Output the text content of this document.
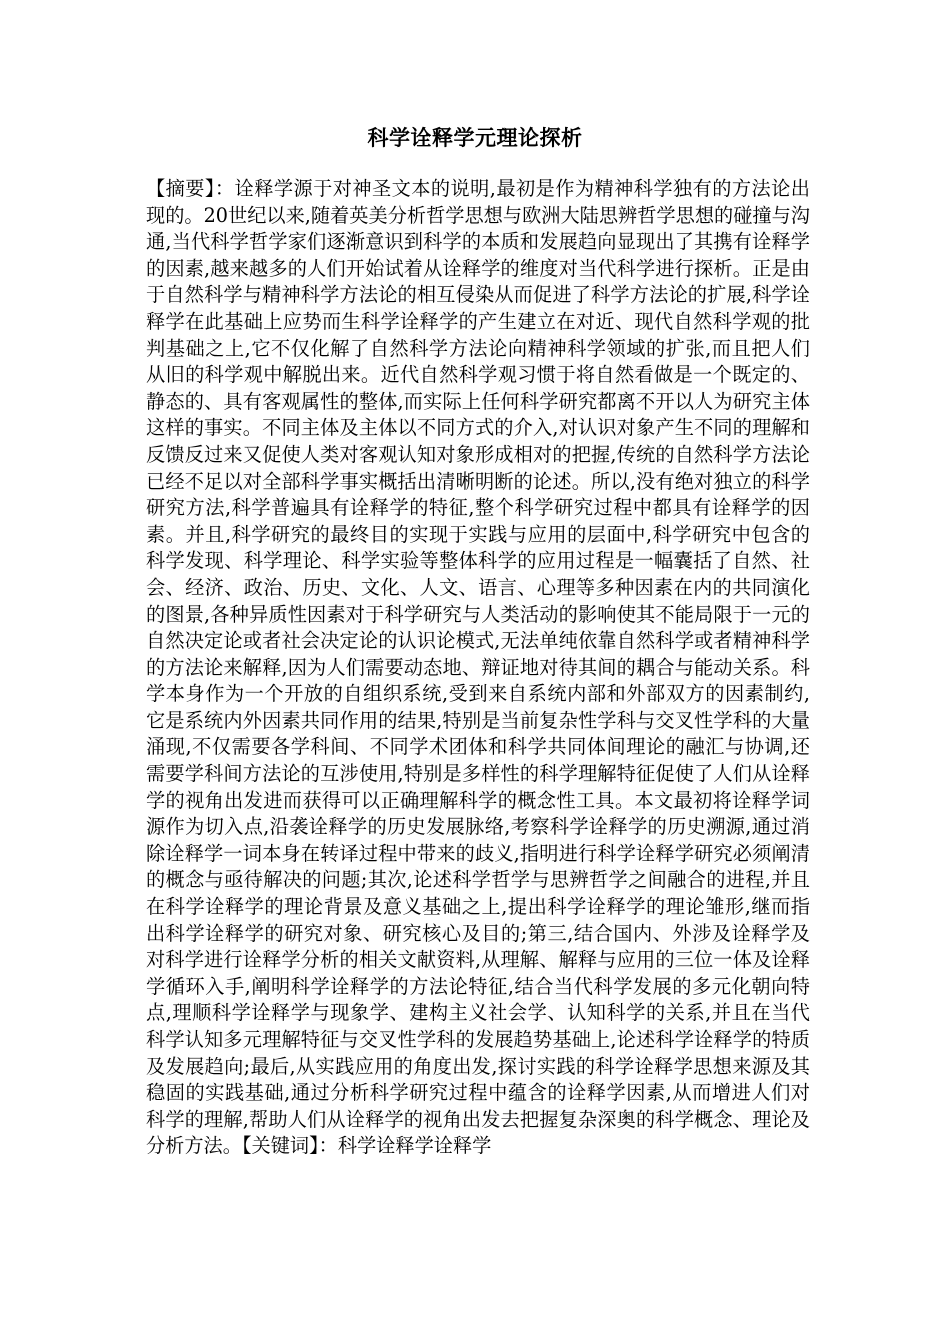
科学诠释学元理论探析

【摘要】：诠释学源于对神圣文本的说明,最初是作为精神科学独有的方法论出现的。20世纪以来,随着英美分析哲学思想与欧洲大陆思辨哲学思想的碰撞与沟通,当代科学哲学家们逐渐意识到科学的本质和发展趋向显现出了其携有诠释学的因素,越来越多的人们开始试着从诠释学的维度对当代科学进行探析。正是由于自然科学与精神科学方法论的相互侵染从而促进了科学方法论的扩展,科学诠释学在此基础上应势而生科学诠释学的产生建立在对近、现代自然科学观的批判基础之上,它不仅化解了自然科学方法论向精神科学领域的扩张,而且把人们从旧的科学观中解脱出来。近代自然科学观习惯于将自然看做是一个既定的、静态的、具有客观属性的整体,而实际上任何科学研究都离不开以人为研究主体这样的事实。不同主体及主体以不同方式的介入,对认识对象产生不同的理解和反馈反过来又促使人类对客观认知对象形成相对的把握,传统的自然科学方法论已经不足以对全部科学事实概括出清晰明断的论述。所以,没有绝对独立的科学研究方法,科学普遍具有诠释学的特征,整个科学研究过程中都具有诠释学的因素。并且,科学研究的最终目的实现于实践与应用的层面中,科学研究中包含的科学发现、科学理论、科学实验等整体科学的应用过程是一幅囊括了自然、社会、经济、政治、历史、文化、人文、语言、心理等多种因素在内的共同演化的图景,各种异质性因素对于科学研究与人类活动的影响使其不能局限于一元的自然决定论或者社会决定论的认识论模式,无法单纯依靠自然科学或者精神科学的方法论来解释,因为人们需要动态地、辩证地对待其间的耦合与能动关系。科学本身作为一个开放的自组织系统,受到来自系统内部和外部双方的因素制约,它是系统内外因素共同作用的结果,特别是当前复杂性学科与交叉性学科的大量涌现,不仅需要各学科间、不同学术团体和科学共同体间理论的融汇与协调,还需要学科间方法论的互涉使用,特别是多样性的科学理解特征促使了人们从诠释学的视角出发进而获得可以正确理解科学的概念性工具。本文最初将诠释学词源作为切入点,沿袭诠释学的历史发展脉络,考察科学诠释学的历史溯源,通过消除诠释学一词本身在转译过程中带来的歧义,指明进行科学诠释学研究必须阐清的概念与亟待解决的问题;其次,论述科学哲学与思辨哲学之间融合的进程,并且在科学诠释学的理论背景及意义基础之上,提出科学诠释学的理论雏形,继而指出科学诠释学的研究对象、研究核心及目的;第三,结合国内、外涉及诠释学及对科学进行诠释学分析的相关文献资料,从理解、解释与应用的三位一体及诠释学循环入手,阐明科学诠释学的方法论特征,结合当代科学发展的多元化朝向特点,理顺科学诠释学与现象学、建构主义社会学、认知科学的关系,并且在当代科学认知多元理解特征与交叉性学科的发展趋势基础上,论述科学诠释学的特质及发展趋向;最后,从实践应用的角度出发,探讨实践的科学诠释学思想来源及其稳固的实践基础,通过分析科学研究过程中蕴含的诠释学因素,从而增进人们对科学的理解,帮助人们从诠释学的视角出发去把握复杂深奥的科学概念、理论及分析方法。【关键词】：科学诠释学诠释学
